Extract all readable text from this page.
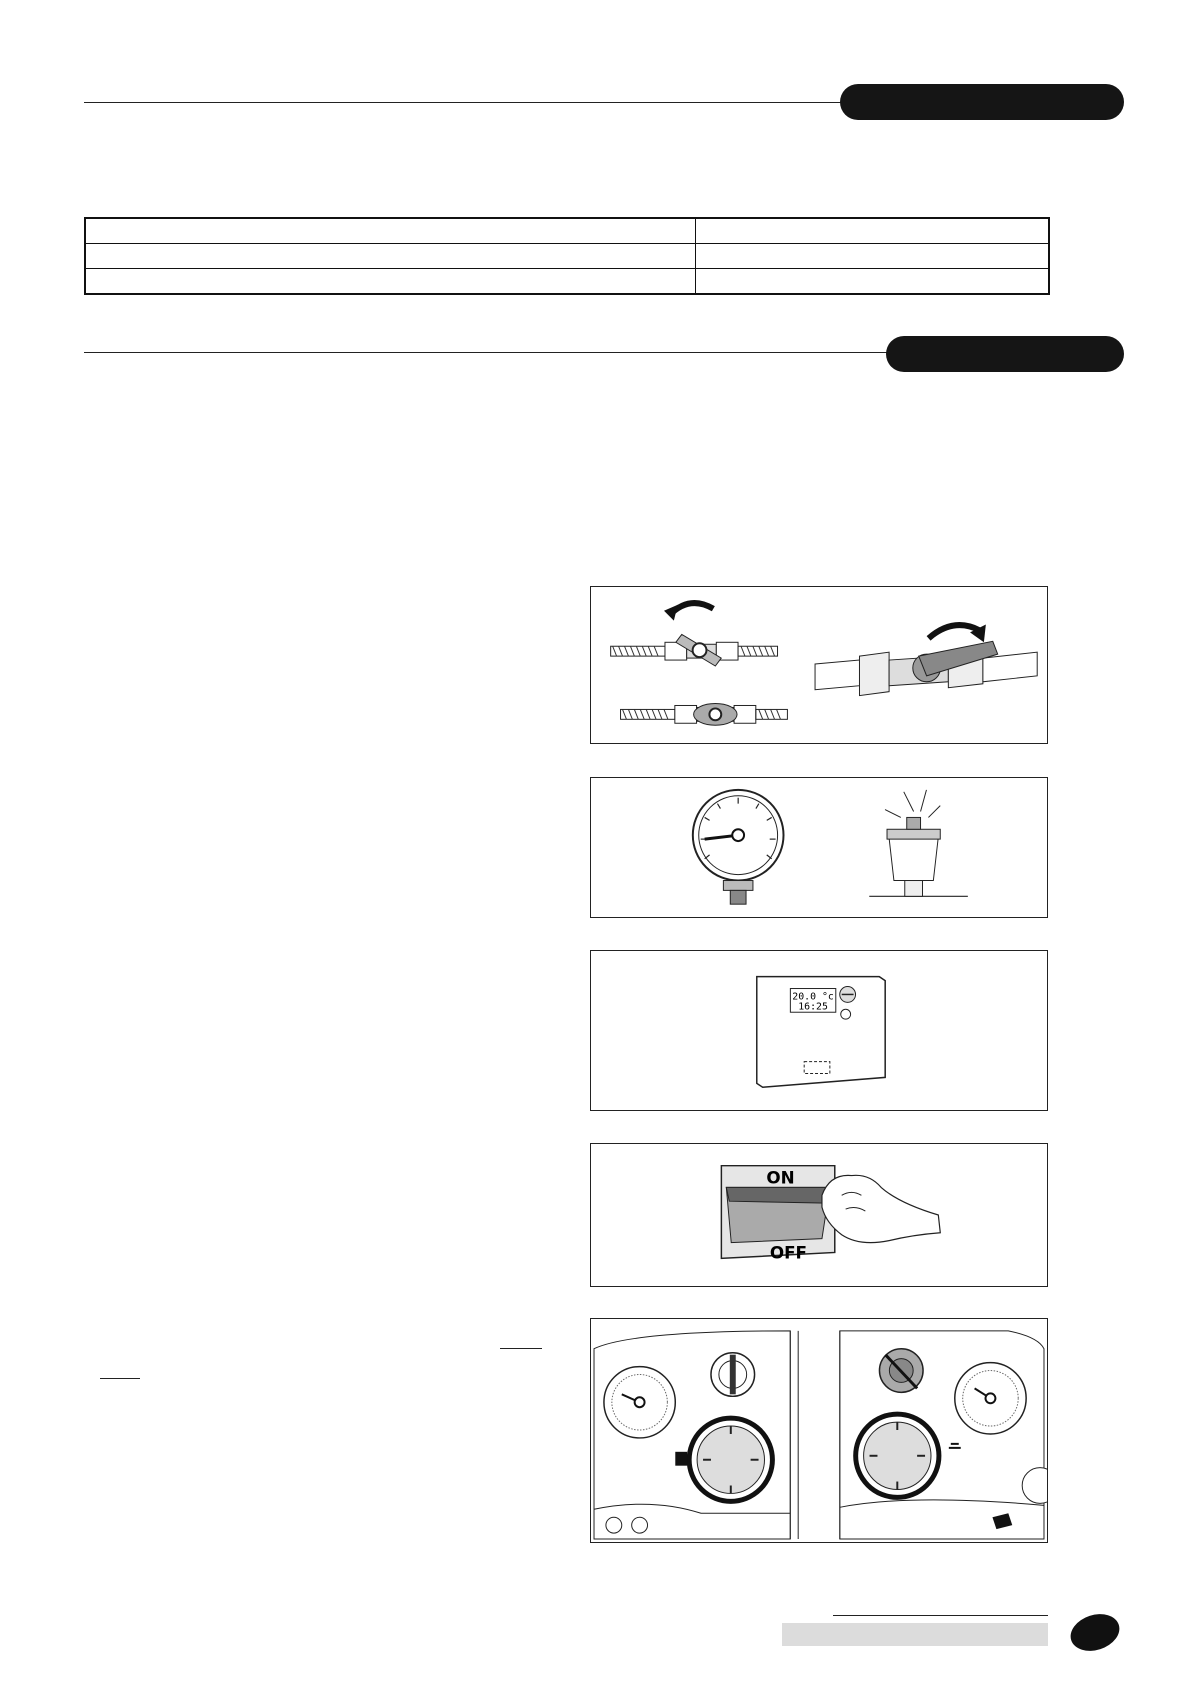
20.0 °c
16:25
ON
OFF
